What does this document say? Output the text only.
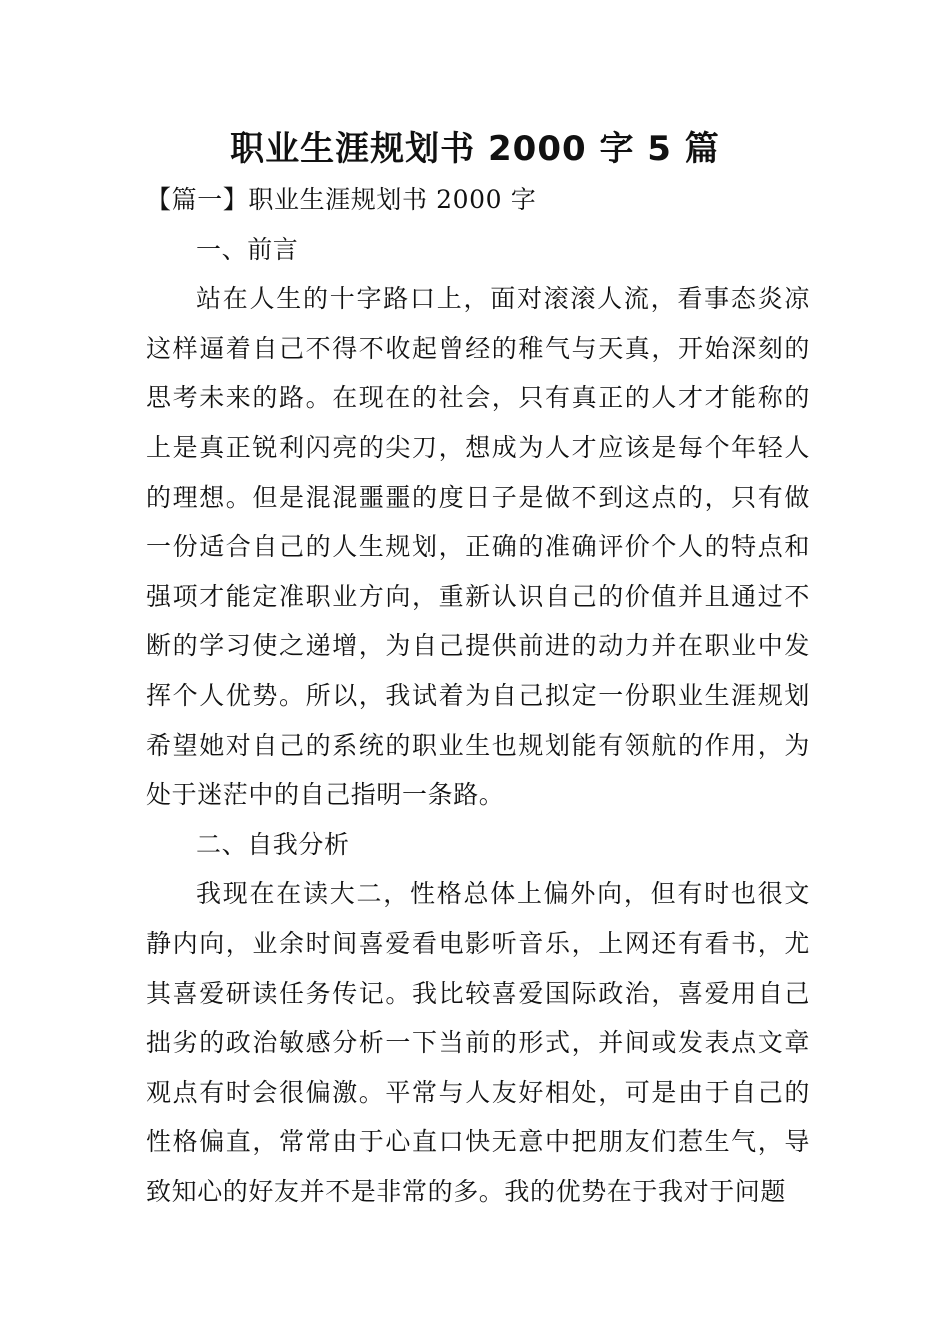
职业生涯规划书 2000 字 5 篇

【篇一】职业生涯规划书 2000 字

一、前言

站在人生的十字路口上，面对滚滚人流，看事态炎凉这样逼着自己不得不收起曾经的稚气与天真，开始深刻的思考未来的路。在现在的社会，只有真正的人才才能称的上是真正锐利闪亮的尖刀，想成为人才应该是每个年轻人的理想。但是混混噩噩的度日子是做不到这点的，只有做一份适合自己的人生规划，正确的准确评价个人的特点和强项才能定准职业方向，重新认识自己的价值并且通过不断的学习使之递增，为自己提供前进的动力并在职业中发挥个人优势。所以，我试着为自己拟定一份职业生涯规划希望她对自己的系统的职业生也规划能有领航的作用，为处于迷茫中的自己指明一条路。

二、自我分析

我现在在读大二，性格总体上偏外向，但有时也很文静内向，业余时间喜爱看电影听音乐，上网还有看书，尤其喜爱研读任务传记。我比较喜爱国际政治，喜爱用自己拙劣的政治敏感分析一下当前的形式，并间或发表点文章观点有时会很偏激。平常与人友好相处，可是由于自己的性格偏直，常常由于心直口快无意中把朋友们惹生气，导致知心的好友并不是非常的多。我的优势在于我对于问题
